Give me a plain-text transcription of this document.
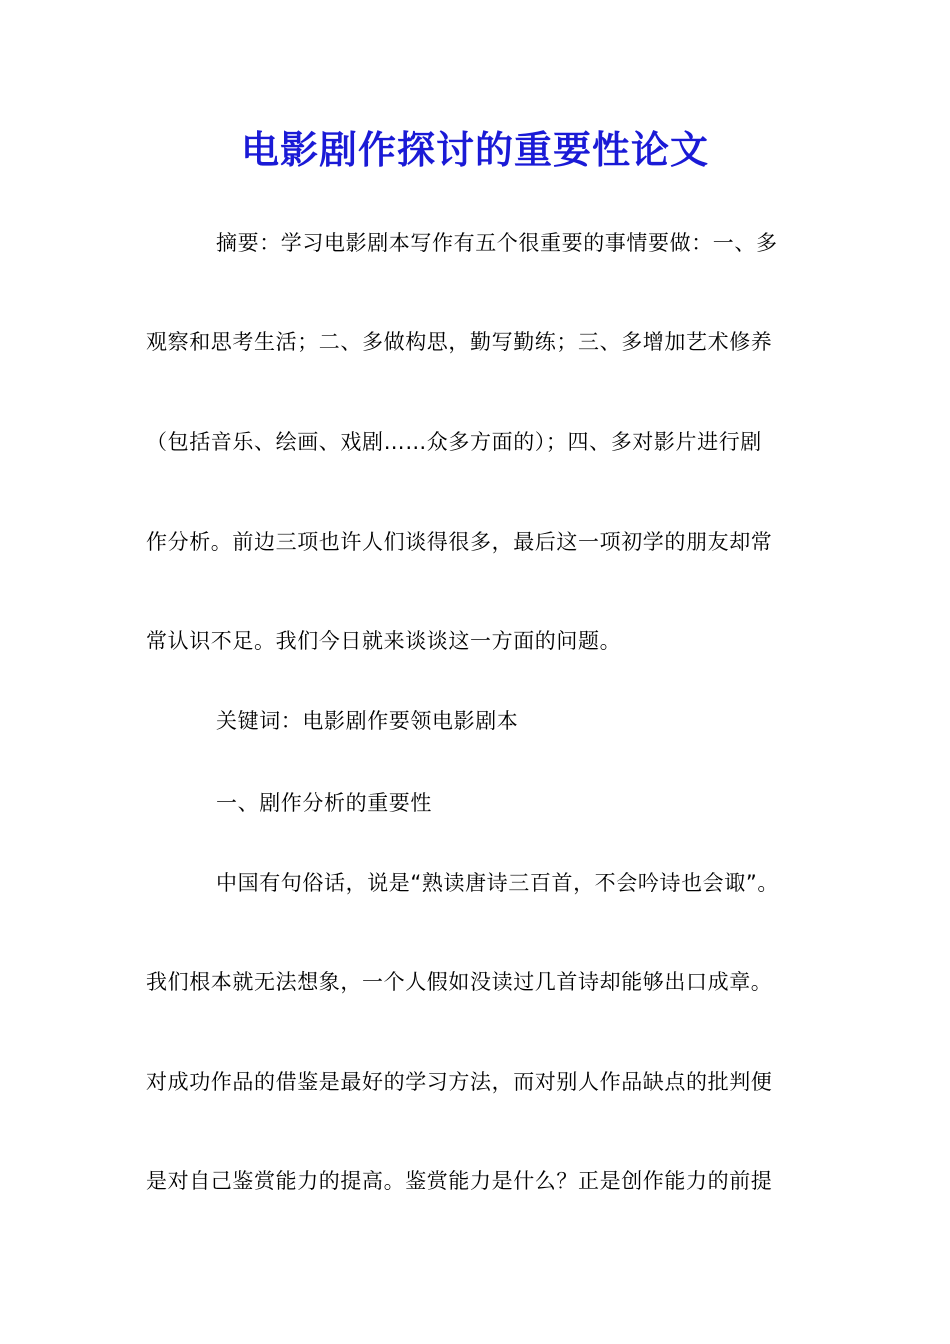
电影剧作探讨的重要性论文
摘要：学习电影剧本写作有五个很重要的事情要做：一、多
观察和思考生活；二、多做构思，勤写勤练；三、多增加艺术修养
（包括音乐、绘画、戏剧……众多方面的）；四、多对影片进行剧
作分析。前边三项也许人们谈得很多，最后这一项初学的朋友却常
常认识不足。我们今日就来谈谈这一方面的问题。
关键词：电影剧作要领电影剧本
一、剧作分析的重要性
中国有句俗话，说是“熟读唐诗三百首，不会吟诗也会诹”。
我们根本就无法想象，一个人假如没读过几首诗却能够出口成章。
对成功作品的借鉴是最好的学习方法，而对别人作品缺点的批判便
是对自己鉴赏能力的提高。鉴赏能力是什么？正是创作能力的前提
